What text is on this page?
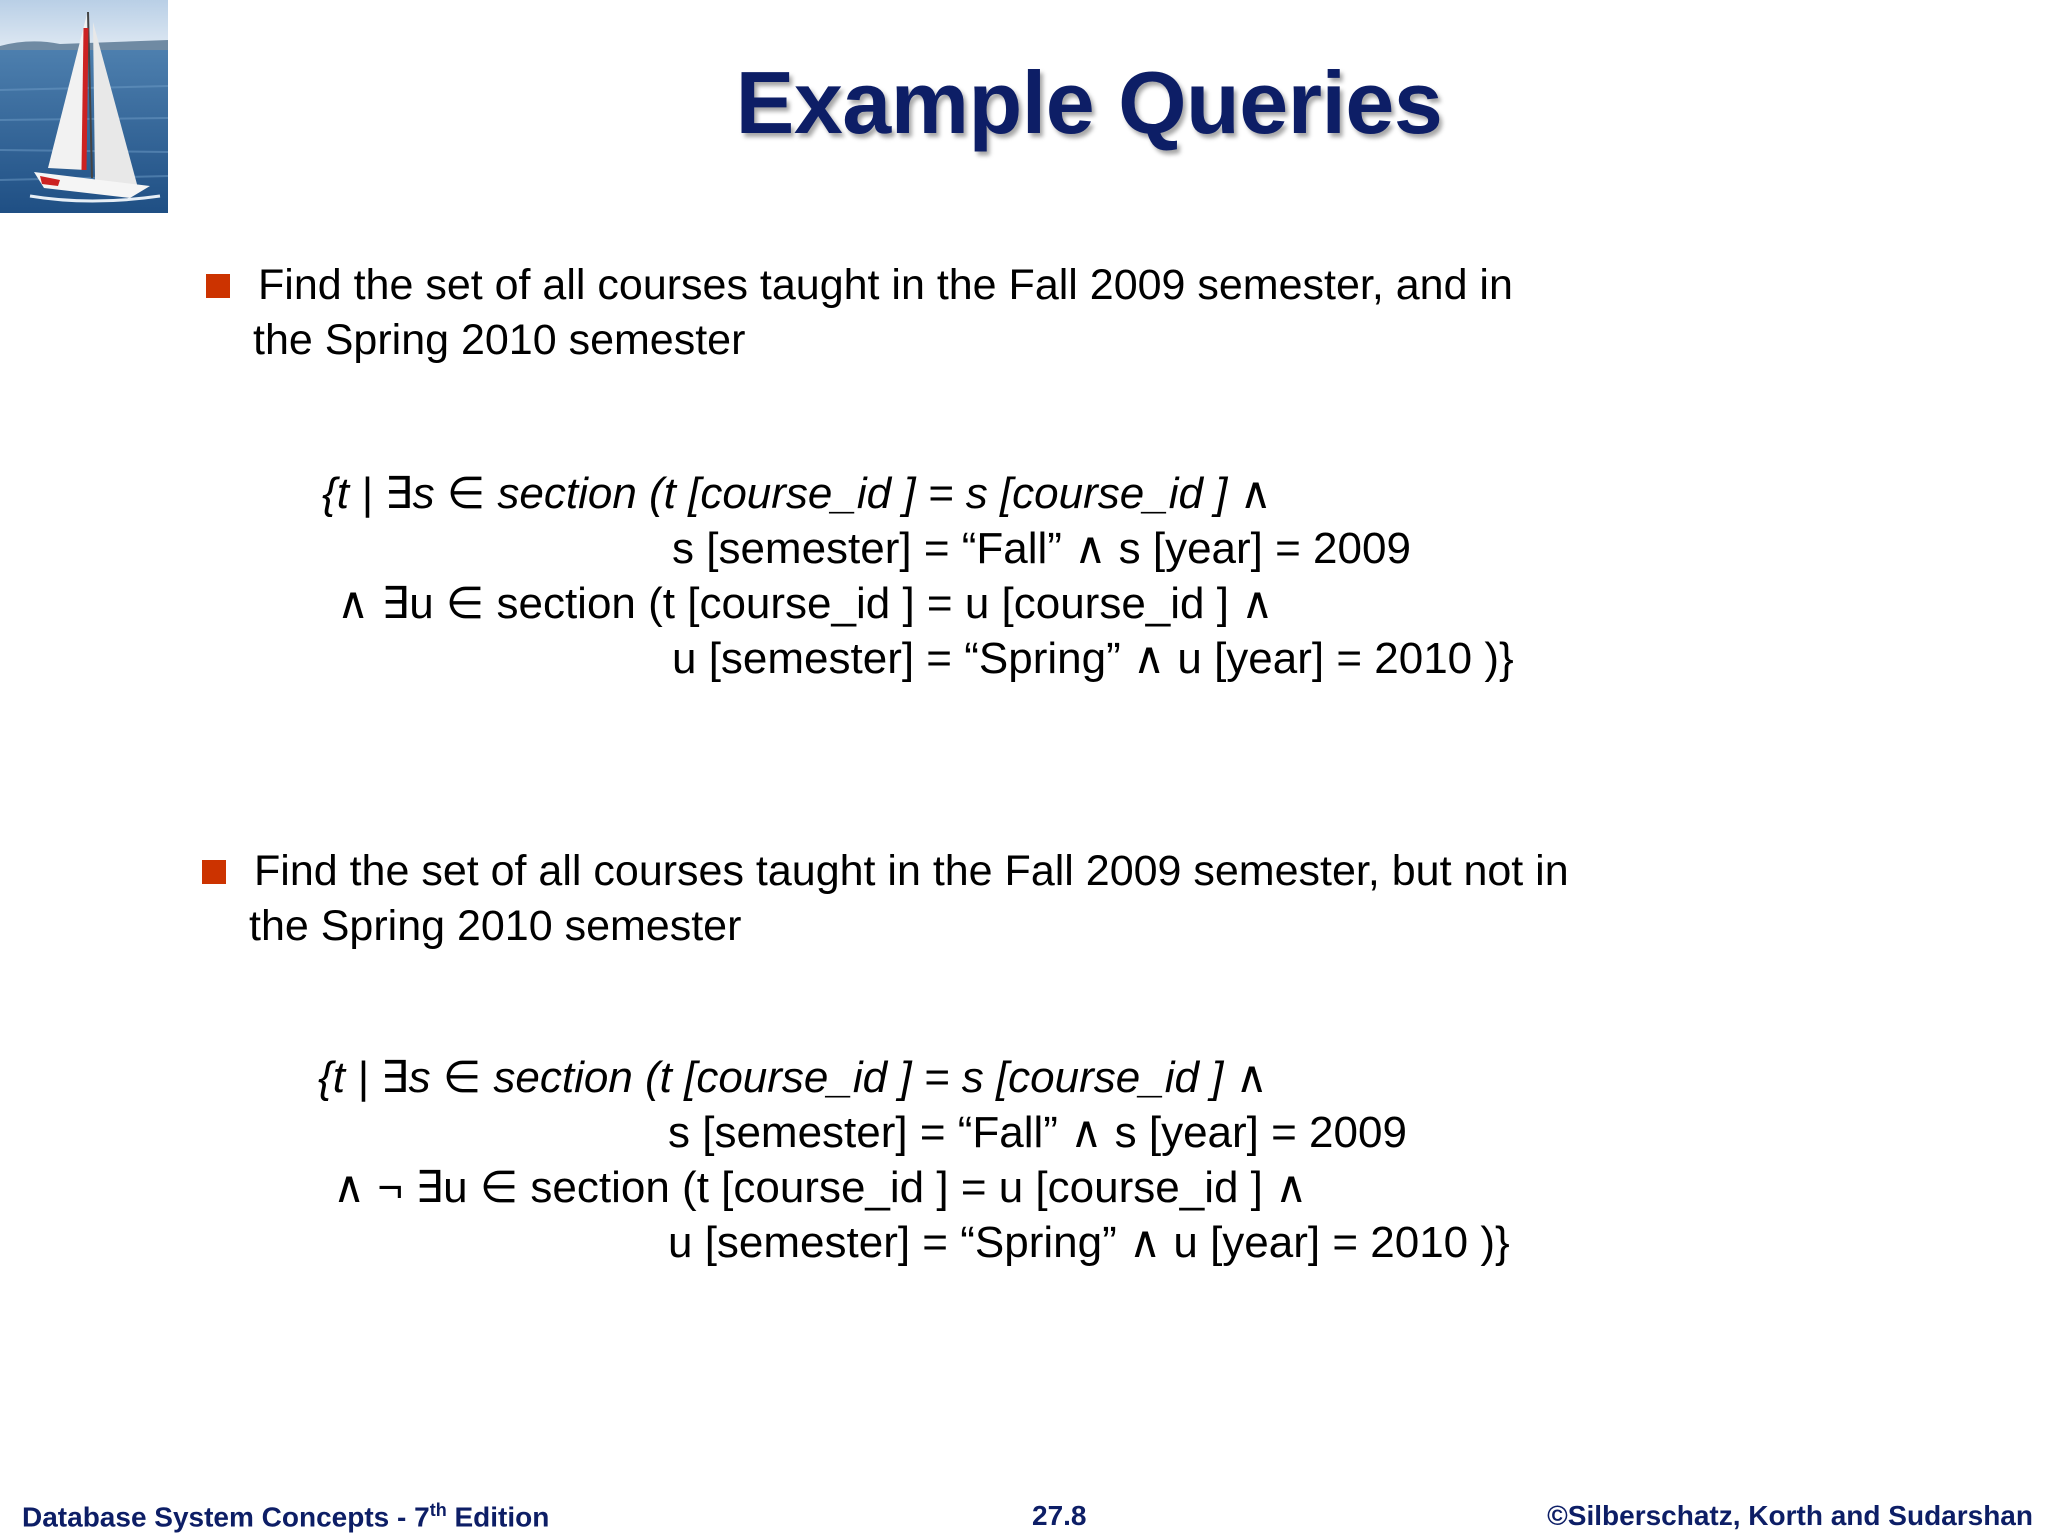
Example Queries
Find the set of all courses taught in the Fall 2009 semester, and in
the Spring 2010 semester
{t | ∃s ∈ section (t [course_id ] = s [course_id ] ∧
s [semester] = “Fall” ∧ s [year] = 2009
∧ ∃u ∈ section (t [course_id ] = u [course_id ] ∧
u [semester] = “Spring” ∧ u [year] = 2010 )}
Find the set of all courses taught in the Fall 2009 semester, but not in
the Spring 2010 semester
{t | ∃s ∈ section (t [course_id ] = s [course_id ] ∧
s [semester] = “Fall” ∧ s [year] = 2009
∧ ¬ ∃u ∈ section (t [course_id ] = u [course_id ] ∧
u [semester] = “Spring” ∧ u [year] = 2010 )}
Database System Concepts - 7th Edition	27.8	©Silberschatz, Korth and Sudarshan
